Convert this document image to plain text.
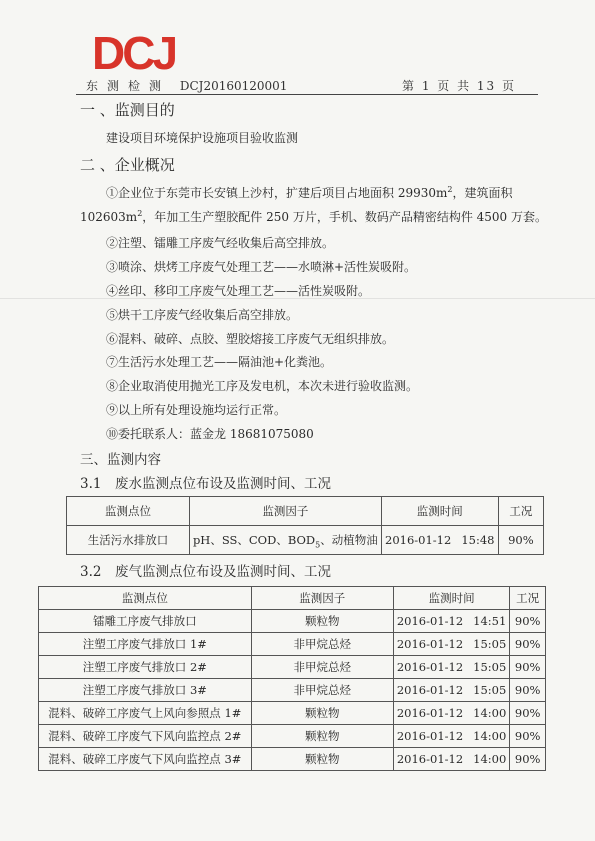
DCJ
东测检测 DCJ20160120001	第 1 页 共 13 页
一 、监测目的
建设项目环境保护设施项目验收监测
二 、企业概况
①企业位于东莞市长安镇上沙村，扩建后项目占地面积 $29930m^2$，建筑面积
$102603m^2$，年加工生产塑胶配件 250 万片，手机、数码产品精密结构件 4500 万套。
②注塑、镭雕工序废气经收集后高空排放。
③喷涂、烘烤工序废气处理工艺——水喷淋+活性炭吸附。
④丝印、移印工序废气处理工艺——活性炭吸附。
⑤烘干工序废气经收集后高空排放。
⑥混料、破碎、点胶、塑胶熔接工序废气无组织排放。
⑦生活污水处理工艺——隔油池+化粪池。
⑧企业取消使用抛光工序及发电机，本次未进行验收监测。
⑨以上所有处理设施均运行正常。
⑩委托联系人：蓝金龙 18681075080
三、监测内容
3.1　废水监测点位布设及监测时间、工况
监测点位	监测因子	监测时间	工况
生活污水排放口	pH、SS、COD、$BOD_5$、动植物油	2016-01-12 15:48	90%
3.2　废气监测点位布设及监测时间、工况
监测点位	监测因子	监测时间	工况
镭雕工序废气排放口	颗粒物	2016-01-12 14:51	90%
注塑工序废气排放口 1#	非甲烷总烃	2016-01-12 15:05	90%
注塑工序废气排放口 2#	非甲烷总烃	2016-01-12 15:05	90%
注塑工序废气排放口 3#	非甲烷总烃	2016-01-12 15:05	90%
混料、破碎工序废气上风向参照点 1#	颗粒物	2016-01-12 14:00	90%
混料、破碎工序废气下风向监控点 2#	颗粒物	2016-01-12 14:00	90%
混料、破碎工序废气下风向监控点 3#	颗粒物	2016-01-12 14:00	90%
